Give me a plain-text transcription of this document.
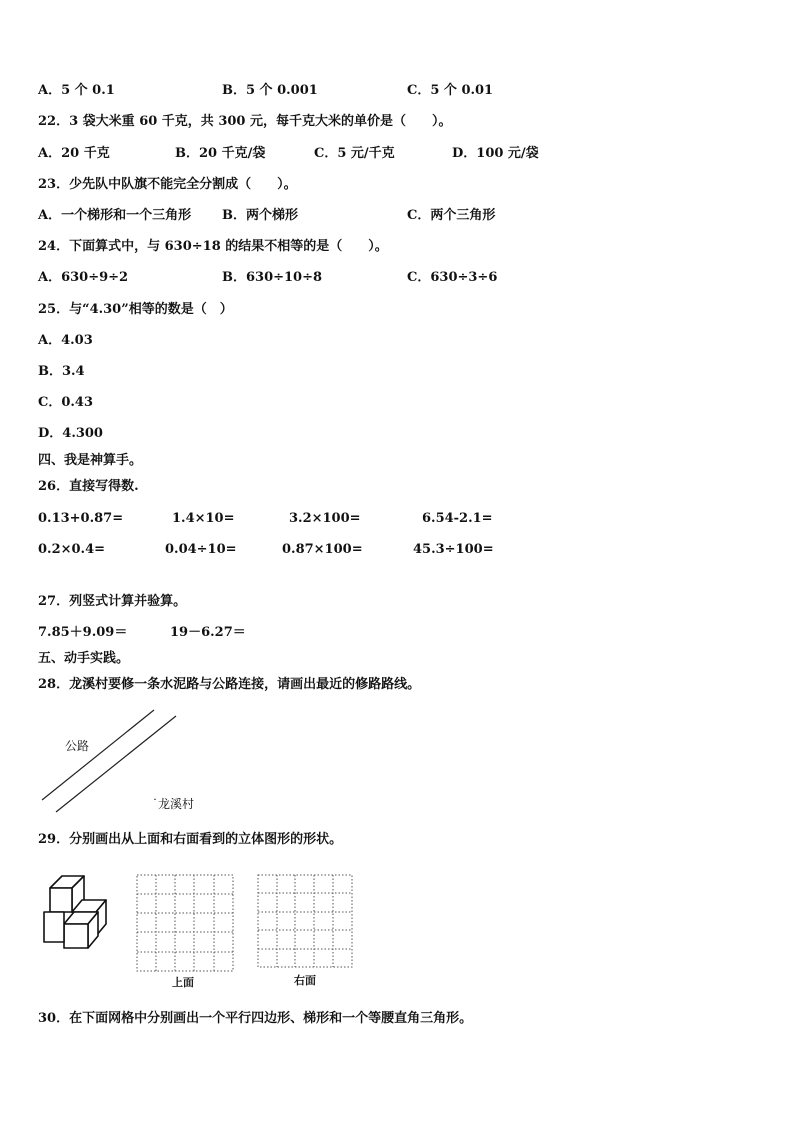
A．5 个 0.1	B．5 个 0.001	C．5 个 0.01
22．3 袋大米重 60 千克，共 300 元，每千克大米的单价是（　　）。
A．20 千克	B．20 千克/袋	C．5 元/千克	D．100 元/袋
23．少先队中队旗不能完全分割成（　　）。
A．一个梯形和一个三角形 B．两个梯形	C．两个三角形
24．下面算式中，与 630÷18 的结果不相等的是（　　）。
A．630÷9÷2	B．630÷10÷8	C．630÷3÷6
25．与“4.30”相等的数是（　）
A．4.03
B．3.4
C．0.43
D．4.300
四、我是神算手。
26．直接写得数.
0.13+0.87=	1.4×10=	3.2×100=	6.54-2.1=
0.2×0.4=	0.04÷10=	0.87×100=	45.3÷100=
27．列竖式计算并验算。
7.85＋9.09＝	19－6.27＝
五、动手实践。
28．龙溪村要修一条水泥路与公路连接，请画出最近的修路路线。
公路
˙龙溪村
29．分别画出从上面和右面看到的立体图形的形状。
上面	右面
30．在下面网格中分别画出一个平行四边形、梯形和一个等腰直角三角形。
